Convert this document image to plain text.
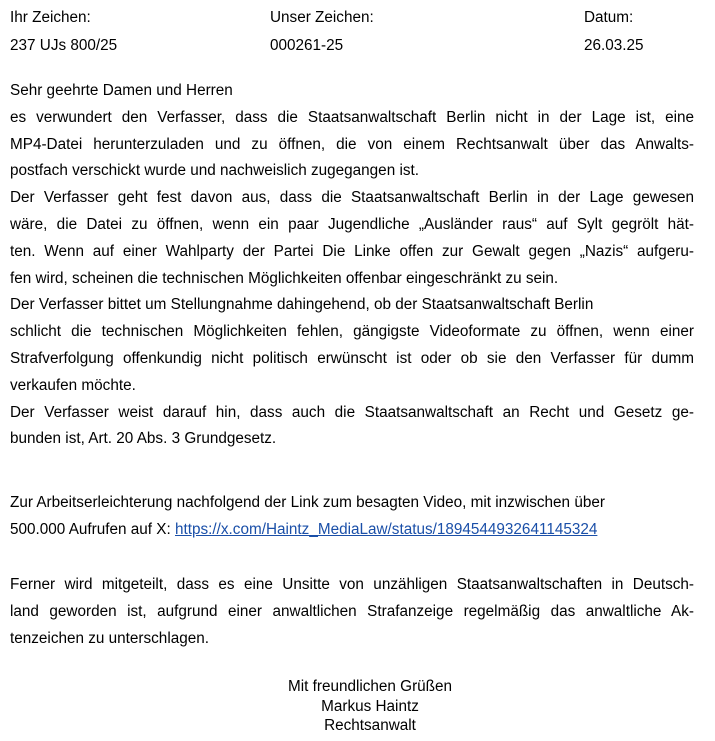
Ihr Zeichen:
237 UJs 800/25
Unser Zeichen:
000261-25
Datum:
26.03.25
Sehr geehrte Damen und Herren

es verwundert den Verfasser, dass die Staatsanwaltschaft Berlin nicht in der Lage ist, eine
MP4-Datei herunterzuladen und zu öffnen, die von einem Rechtsanwalt über das Anwalts-
postfach verschickt wurde und nachweislich zugegangen ist.

Der Verfasser geht fest davon aus, dass die Staatsanwaltschaft Berlin in der Lage gewesen
wäre, die Datei zu öffnen, wenn ein paar Jugendliche „Ausländer raus“ auf Sylt gegrölt hät-
ten. Wenn auf einer Wahlparty der Partei Die Linke offen zur Gewalt gegen „Nazis“ aufgeru-
fen wird, scheinen die technischen Möglichkeiten offenbar eingeschränkt zu sein.

Der Verfasser bittet um Stellungnahme dahingehend, ob der Staatsanwaltschaft Berlin
schlicht die technischen Möglichkeiten fehlen, gängigste Videoformate zu öffnen, wenn einer
Strafverfolgung offenkundig nicht politisch erwünscht ist oder ob sie den Verfasser für dumm
verkaufen möchte.

Der Verfasser weist darauf hin, dass auch die Staatsanwaltschaft an Recht und Gesetz ge-
bunden ist, Art. 20 Abs. 3 Grundgesetz.

Zur Arbeitserleichterung nachfolgend der Link zum besagten Video, mit inzwischen über
500.000 Aufrufen auf X: https://x.com/Haintz_MediaLaw/status/1894544932641145324
Ferner wird mitgeteilt, dass es eine Unsitte von unzähligen Staatsanwaltschaften in Deutsch-
land geworden ist, aufgrund einer anwaltlichen Strafanzeige regelmäßig das anwaltliche Ak-
tenzeichen zu unterschlagen.
Mit freundlichen Grüßen
Markus Haintz
Rechtsanwalt
